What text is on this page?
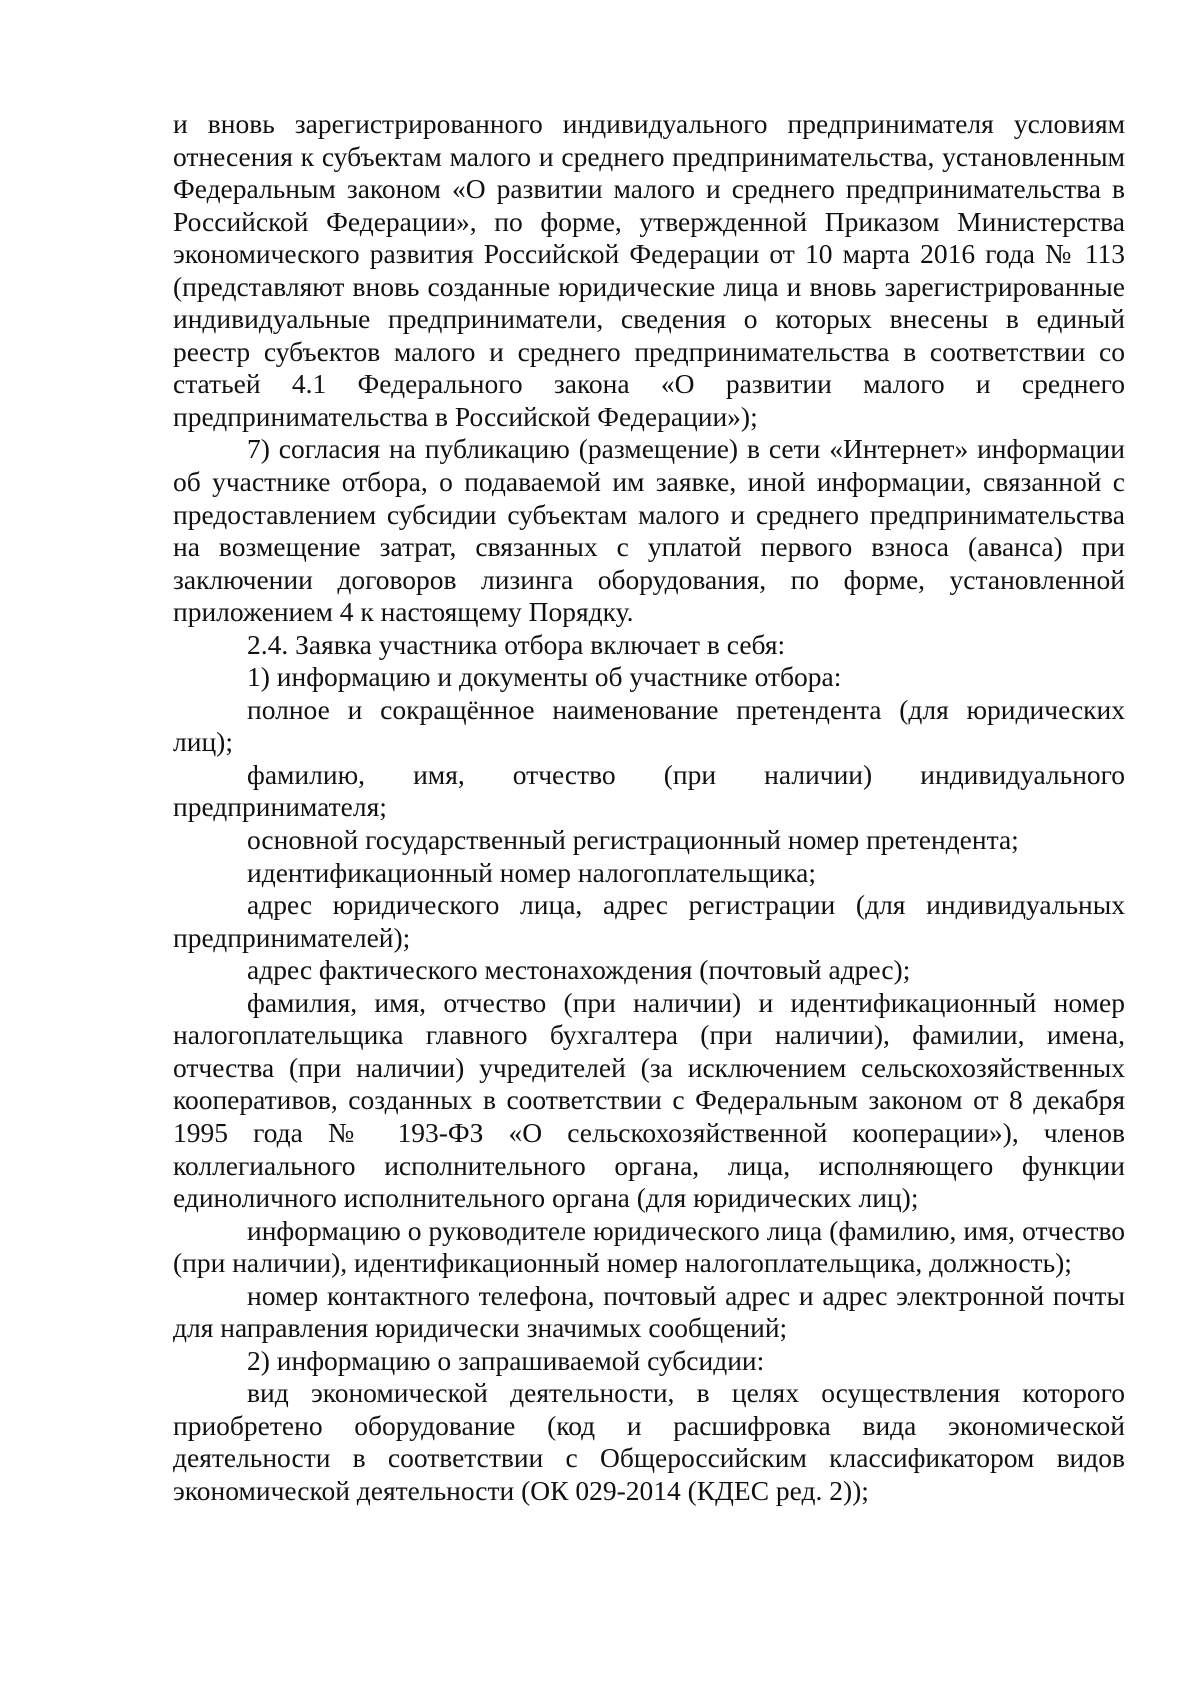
и вновь зарегистрированного индивидуального предпринимателя условиям отнесения к субъектам малого и среднего предпринимательства, установленным Федеральным законом «О развитии малого и среднего предпринимательства в Российской Федерации», по форме, утвержденной Приказом Министерства экономического развития Российской Федерации от 10 марта 2016 года № 113 (представляют вновь созданные юридические лица и вновь зарегистрированные индивидуальные предприниматели, сведения о которых внесены в единый реестр субъектов малого и среднего предпринимательства в соответствии со статьей 4.1 Федерального закона «О развитии малого и среднего предпринимательства в Российской Федерации»);

7) согласия на публикацию (размещение) в сети «Интернет» информации об участнике отбора, о подаваемой им заявке, иной информации, связанной с предоставлением субсидии субъектам малого и среднего предпринимательства на возмещение затрат, связанных с уплатой первого взноса (аванса) при заключении договоров лизинга оборудования, по форме, установленной приложением 4 к настоящему Порядку.

2.4. Заявка участника отбора включает в себя:

1) информацию и документы об участнике отбора:

полное и сокращённое наименование претендента (для юридических лиц);

фамилию, имя, отчество (при наличии) индивидуального предпринимателя;

основной государственный регистрационный номер претендента;

идентификационный номер налогоплательщика;

адрес юридического лица, адрес регистрации (для индивидуальных предпринимателей);

адрес фактического местонахождения (почтовый адрес);

фамилия, имя, отчество (при наличии) и идентификационный номер налогоплательщика главного бухгалтера (при наличии), фамилии, имена, отчества (при наличии) учредителей (за исключением сельскохозяйственных кооперативов, созданных в соответствии с Федеральным законом от 8 декабря 1995 года № 193-ФЗ «О сельскохозяйственной кооперации»), членов коллегиального исполнительного органа, лица, исполняющего функции единоличного исполнительного органа (для юридических лиц);

информацию о руководителе юридического лица (фамилию, имя, отчество (при наличии), идентификационный номер налогоплательщика, должность);

номер контактного телефона, почтовый адрес и адрес электронной почты для направления юридически значимых сообщений;

2) информацию о запрашиваемой субсидии:

вид экономической деятельности, в целях осуществления которого приобретено оборудование (код и расшифровка вида экономической деятельности в соответствии с Общероссийским классификатором видов экономической деятельности (ОК 029-2014 (КДЕС ред. 2));
